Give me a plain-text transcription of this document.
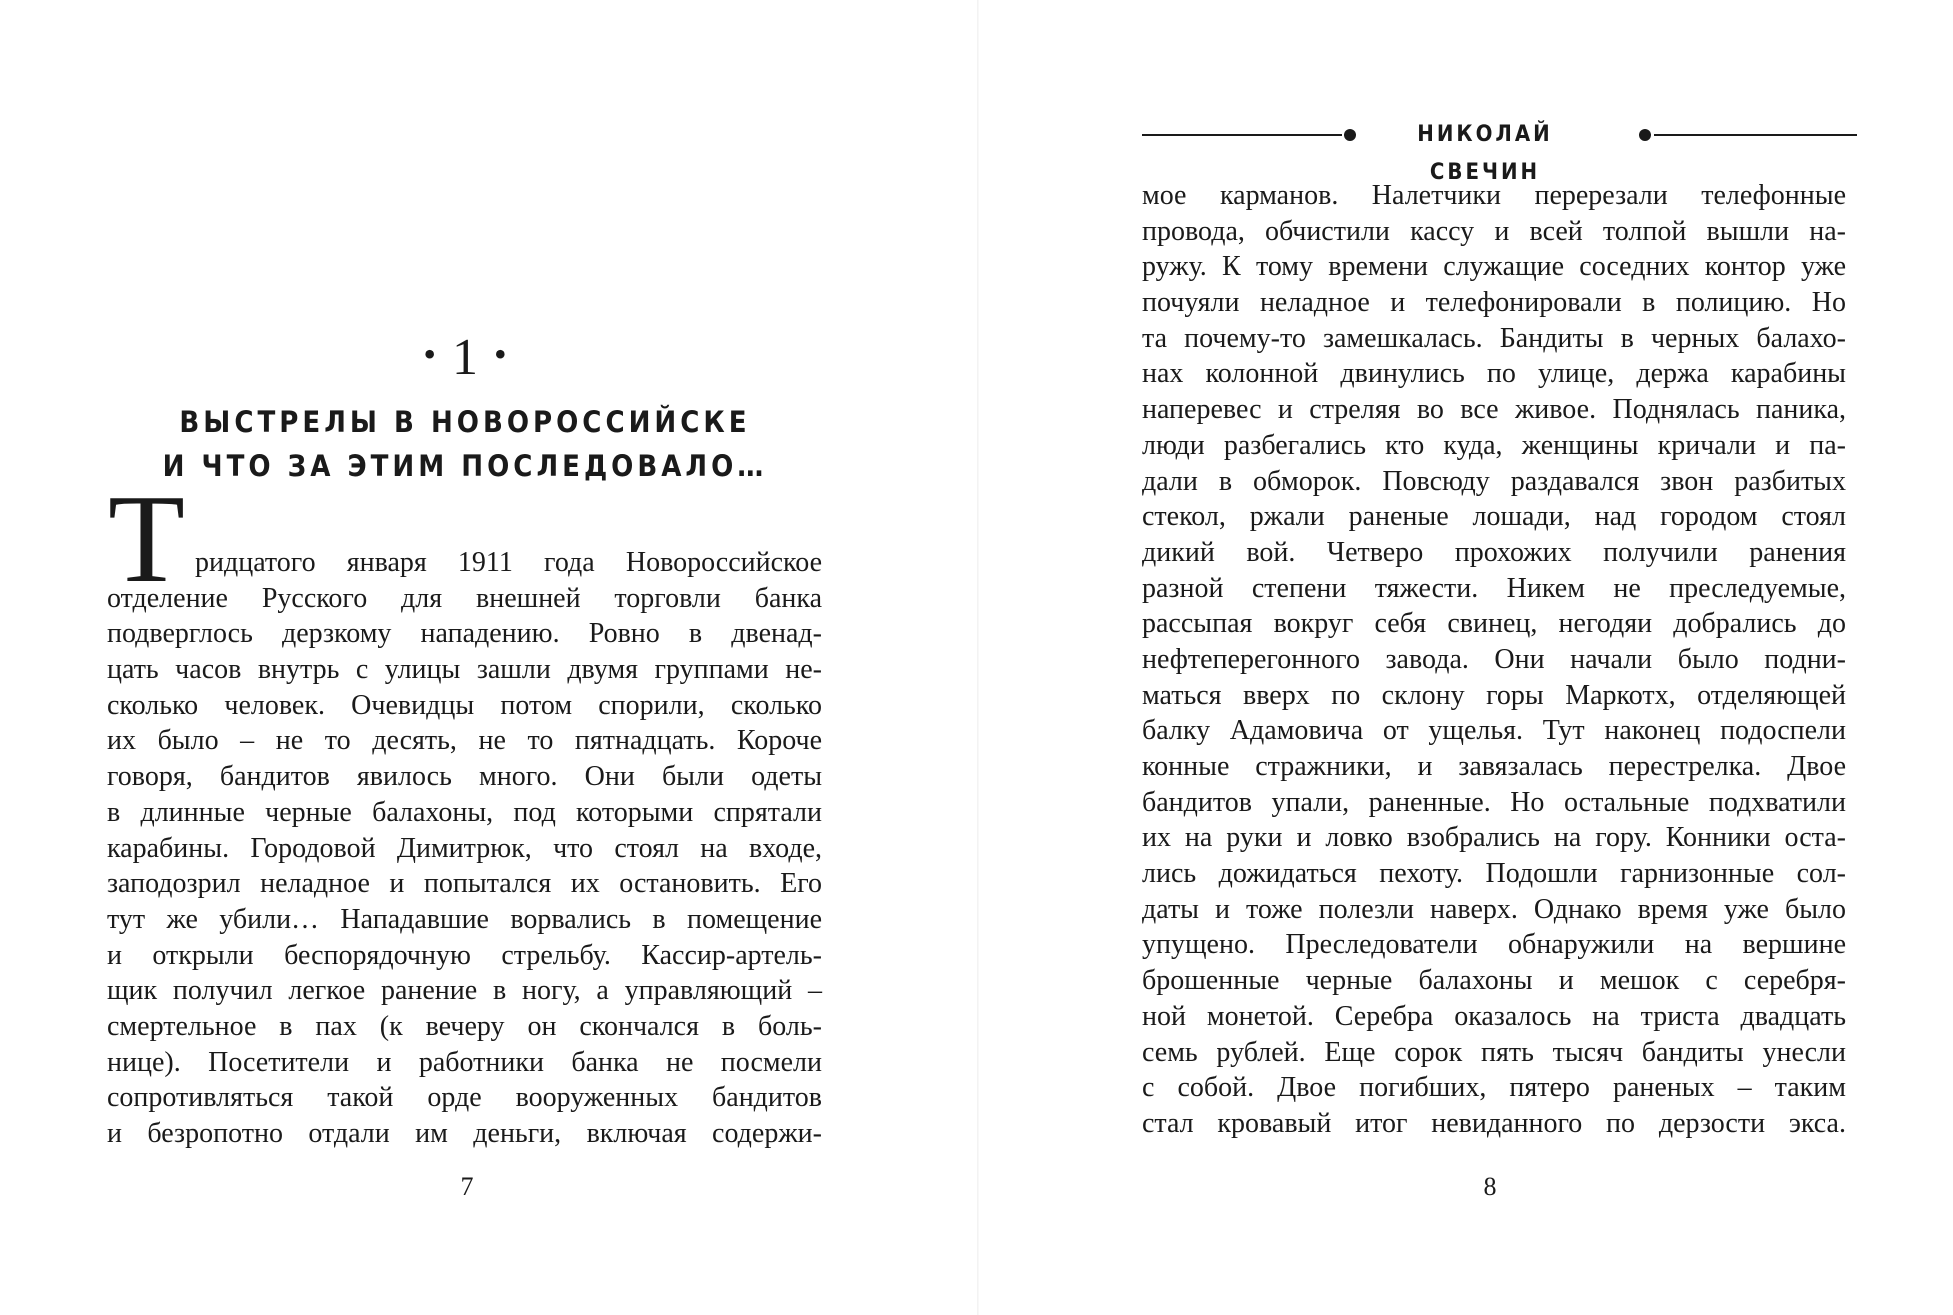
• 1 •
ВЫСТРЕЛЫ В НОВОРОССИЙСКЕ
И ЧТО ЗА ЭТИМ ПОСЛЕДОВАЛО…
Т ридцатого января 1911 года Новороссийское
отделение Русского для внешней торговли банка
подверглось дерзкому нападению. Ровно в двенад-
цать часов внутрь с улицы зашли двумя группами не-
сколько человек. Очевидцы потом спорили, сколько
их было – не то десять, не то пятнадцать. Короче
говоря, бандитов явилось много. Они были одеты
в длинные черные балахоны, под которыми спрятали
карабины. Городовой Димитрюк, что стоял на входе,
заподозрил неладное и попытался их остановить. Его
тут же убили… Нападавшие ворвались в помещение
и открыли беспорядочную стрельбу. Кассир-артель-
щик получил легкое ранение в ногу, а управляющий –
смертельное в пах (к вечеру он скончался в боль-
нице). Посетители и работники банка не посмели
сопротивляться такой орде вооруженных бандитов
и безропотно отдали им деньги, включая содержи-
7
мое карманов. Налетчики перерезали телефонные
провода, обчистили кассу и всей толпой вышли на-
ружу. К тому времени служащие соседних контор уже
почуяли неладное и телефонировали в полицию. Но
та почему-то замешкалась. Бандиты в черных балахо-
нах колонной двинулись по улице, держа карабины
наперевес и стреляя во все живое. Поднялась паника,
люди разбегались кто куда, женщины кричали и па-
дали в обморок. Повсюду раздавался звон разбитых
стекол, ржали раненые лошади, над городом стоял
дикий вой. Четверо прохожих получили ранения
разной степени тяжести. Никем не преследуемые,
рассыпая вокруг себя свинец, негодяи добрались до
нефтеперегонного завода. Они начали было подни-
маться вверх по склону горы Маркотх, отделяющей
балку Адамовича от ущелья. Тут наконец подоспели
конные стражники, и завязалась перестрелка. Двое
бандитов упали, раненные. Но остальные подхватили
их на руки и ловко взобрались на гору. Конники оста-
лись дожидаться пехоту. Подошли гарнизонные сол-
даты и тоже полезли наверх. Однако время уже было
упущено. Преследователи обнаружили на вершине
брошенные черные балахоны и мешок с серебря-
ной монетой. Серебра оказалось на триста двадцать
семь рублей. Еще сорок пять тысяч бандиты унесли
с собой. Двое погибших, пятеро раненых – таким
стал кровавый итог невиданного по дерзости экса.
8
НИКОЛАЙ СВЕЧИН
